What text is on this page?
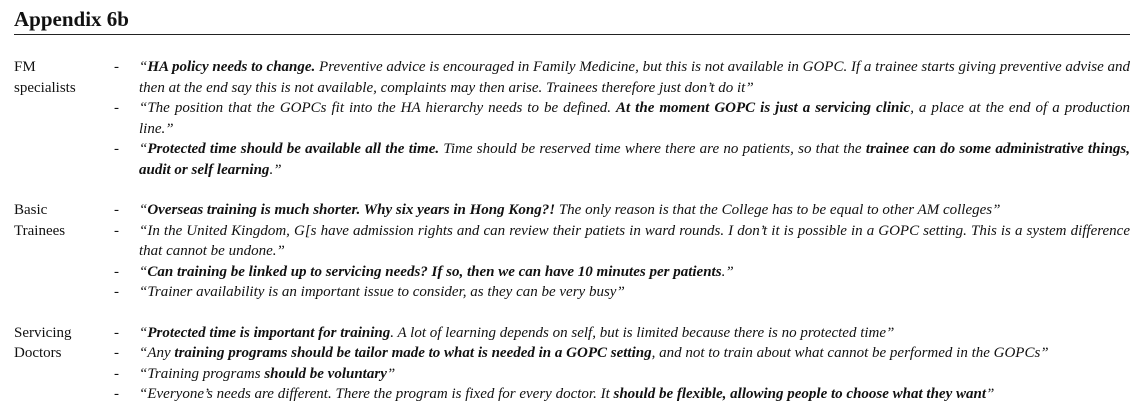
Appendix 6b
FM
specialists
- “HA policy needs to change. Preventive advice is encouraged in Family Medicine, but this is not available in GOPC. If a trainee starts giving preventive advise and then at the end say this is not available, complaints may then arise. Trainees therefore just don’t do it”
- “The position that the GOPCs fit into the HA hierarchy needs to be defined. At the moment GOPC is just a servicing clinic, a place at the end of a production line.”
- “Protected time should be available all the time. Time should be reserved time where there are no patients, so that the trainee can do some administrative things, audit or self learning.”
Basic
Trainees
- “Overseas training is much shorter. Why six years in Hong Kong?! The only reason is that the College has to be equal to other AM colleges”
- “In the United Kingdom, G[s have admission rights and can review their patiets in ward rounds. I don’t it is possible in a GOPC setting. This is a system difference that cannot be undone.”
- “Can training be linked up to servicing needs? If so, then we can have 10 minutes per patients.”
- “Trainer availability is an important issue to consider, as they can be very busy”
Servicing
Doctors
- “Protected time is important for training. A lot of learning depends on self, but is limited because there is no protected time”
- “Any training programs should be tailor made to what is needed in a GOPC setting, and not to train about what cannot be performed in the GOPCs”
- “Training programs should be voluntary”
- “Everyone’s needs are different. There the program is fixed for every doctor. It should be flexible, allowing people to choose what they want”
